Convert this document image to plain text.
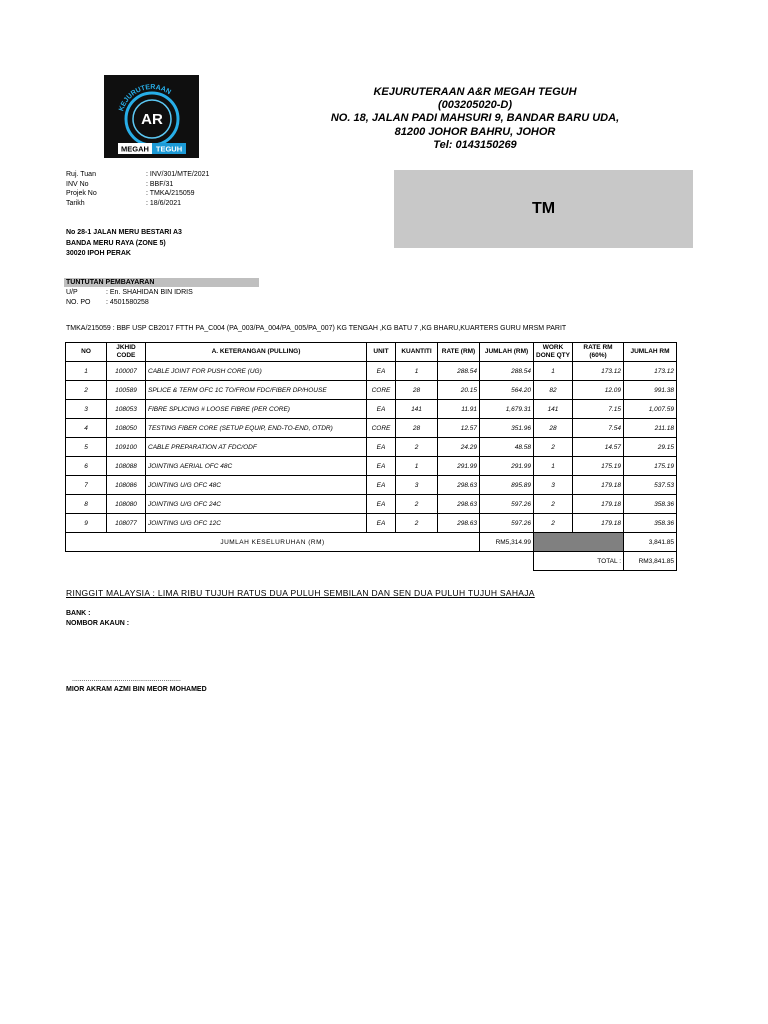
KEJURUTERAAN
AR
MEGAH TEGUH
KEJURUTERAAN A&R MEGAH TEGUH
(003205020-D)
NO. 18, JALAN PADI MAHSURI 9, BANDAR BARU UDA,
81200 JOHOR BAHRU, JOHOR
Tel: 0143150269
TM
Ruj. Tuan	: INV/301/MTE/2021
INV No	: BBF/31
Projek No	: TMKA/215059
Tarikh	: 18/6/2021
No 28-1 JALAN MERU BESTARI A3
BANDA MERU RAYA (ZONE 5)
30020 IPOH PERAK
TUNTUTAN PEMBAYARAN
U/P	: En. SHAHIDAN BIN IDRIS
NO. PO : 4501580258
TMKA/215059 : BBF USP CB2017 FTTH PA_C004 (PA_003/PA_004/PA_005/PA_007) KG TENGAH ,KG BATU 7 ,KG BHARU,KUARTERS GURU MRSM PARIT
NO	JKHID CODE	A. KETERANGAN (PULLING)	UNIT	KUANTITI	RATE (RM)	JUMLAH (RM)	WORK DONE QTY	RATE RM (60%)	JUMLAH RM
1	100007	CABLE JOINT FOR PUSH CORE (UG)	EA	1	288.54	288.54	1	173.12	173.12
2	100589	SPLICE & TERM OFC 1C TO/FROM FDC/FIBER DP/HOUSE	CORE	28	20.15	564.20	82	12.09	991.38
3	108053	FIBRE SPLICING # LOOSE FIBRE (PER CORE)	EA	141	11.91	1,679.31	141	7.15	1,007.59
4	108050	TESTING FIBER CORE (SETUP EQUIP, END-TO-END, OTDR)	CORE	28	12.57	351.96	28	7.54	211.18
5	109100	CABLE PREPARATION AT FDC/ODF	EA	2	24.29	48.58	2	14.57	29.15
6	108088	JOINTING AERIAL OFC 48C	EA	1	291.99	291.99	1	175.19	175.19
7	108086	JOINTING U/G OFC 48C	EA	3	298.63	895.89	3	179.18	537.53
8	108080	JOINTING U/G OFC 24C	EA	2	298.63	597.26	2	179.18	358.36
9	108077	JOINTING U/G OFC 12C	EA	2	298.63	597.26	2	179.18	358.36
JUMLAH KESELURUHAN (RM)						RM5,314.99			3,841.85
							TOTAL :		RM3,841.85
RINGGIT MALAYSIA : LIMA RIBU TUJUH RATUS DUA PULUH SEMBILAN DAN SEN DUA PULUH TUJUH SAHAJA
BANK :
NOMBOR AKAUN :
........................................................
MIOR AKRAM AZMI BIN MEOR MOHAMED
